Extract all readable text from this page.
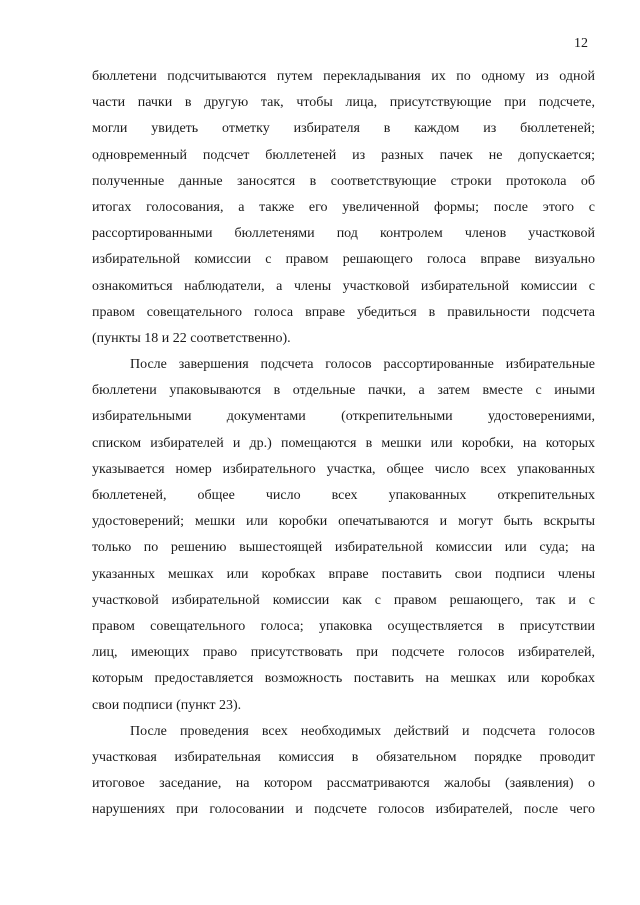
12
бюллетени подсчитываются путем перекладывания их по одному из одной
части пачки в другую так, чтобы лица, присутствующие при подсчете,
могли увидеть отметку избирателя в каждом из бюллетеней;
одновременный подсчет бюллетеней из разных пачек не допускается;
полученные данные заносятся в соответствующие строки протокола об
итогах голосования, а также его увеличенной формы; после этого с
рассортированными бюллетенями под контролем членов участковой
избирательной комиссии с правом решающего голоса вправе визуально
ознакомиться наблюдатели, а члены участковой избирательной комиссии с
правом совещательного голоса вправе убедиться в правильности подсчета
(пункты 18 и 22 соответственно).
После завершения подсчета голосов рассортированные избирательные
бюллетени упаковываются в отдельные пачки, а затем вместе с иными
избирательными документами (открепительными удостоверениями,
списком избирателей и др.) помещаются в мешки или коробки, на которых
указывается номер избирательного участка, общее число всех упакованных
бюллетеней, общее число всех упакованных открепительных
удостоверений; мешки или коробки опечатываются и могут быть вскрыты
только по решению вышестоящей избирательной комиссии или суда; на
указанных мешках или коробках вправе поставить свои подписи члены
участковой избирательной комиссии как с правом решающего, так и с
правом совещательного голоса; упаковка осуществляется в присутствии
лиц, имеющих право присутствовать при подсчете голосов избирателей,
которым предоставляется возможность поставить на мешках или коробках
свои подписи (пункт 23).
После проведения всех необходимых действий и подсчета голосов
участковая избирательная комиссия в обязательном порядке проводит
итоговое заседание, на котором рассматриваются жалобы (заявления) о
нарушениях при голосовании и подсчете голосов избирателей, после чего
